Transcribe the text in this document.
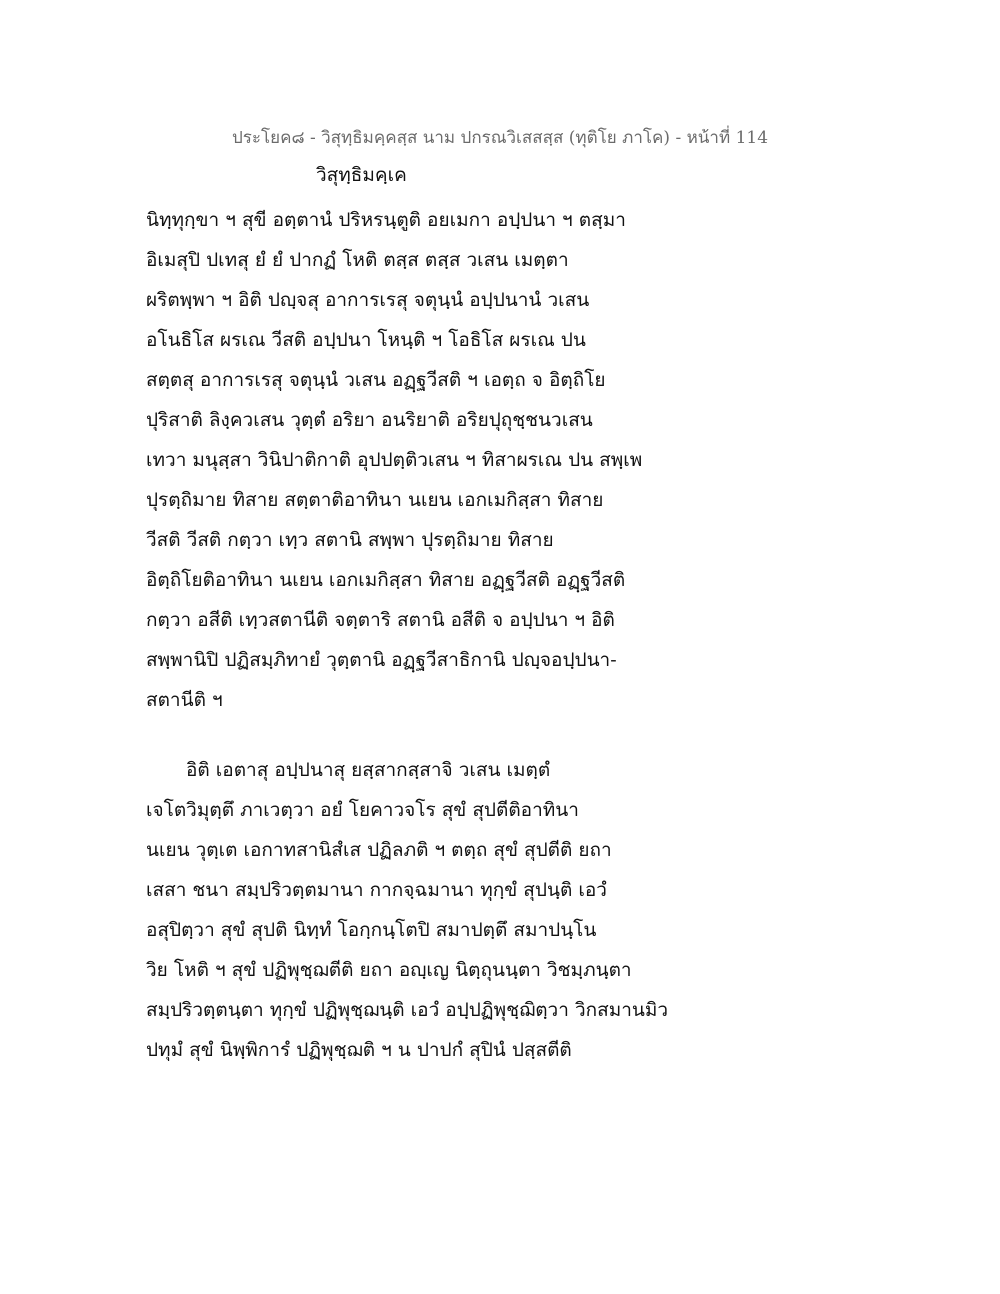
ประโยค๘ - วิสุทฺธิมคฺคสฺส นาม ปกรณวิเสสสฺส (ทุติโย ภาโค) - หน้าที่ 114
วิสุทฺธิมคฺเค
นิทฺทุกฺขา ฯ สุขี อตฺตานํ ปริหรนฺตูติ อยเมกา อปฺปนา ฯ ตสฺมา
อิเมสุปิ ปเทสุ ยํ ยํ ปากฏํ โหติ ตสฺส ตสฺส วเสน เมตฺตา
ผริตพฺพา ฯ อิติ ปญฺจสุ อาการเรสุ จตุนฺนํ อปฺปนานํ วเสน
อโนธิโส ผรเณ วีสติ อปฺปนา โหนฺติ ฯ โอธิโส ผรเณ ปน
สตฺตสุ อาการเรสุ จตุนฺนํ วเสน อฏฺฐวีสติ ฯ เอตฺถ จ อิตฺถิโย
ปุริสาติ ลิงฺควเสน วุตฺตํ อริยา อนริยาติ อริยปุถุชฺชนวเสน
เทวา มนุสฺสา วินิปาติกาติ อุปปตฺติวเสน ฯ ทิสาผรเณ ปน สพฺเพ
ปุรตฺถิมาย ทิสาย สตฺตาติอาทินา นเยน เอกเมกิสฺสา ทิสาย
วีสติ วีสติ กตฺวา เทฺว สตานิ สพฺพา ปุรตฺถิมาย ทิสาย
อิตฺถิโยติอาทินา นเยน เอกเมกิสฺสา ทิสาย อฏฺฐวีสติ อฏฺฐวีสติ
กตฺวา อสีติ เทฺวสตานีติ จตฺตาริ สตานิ อสีติ จ อปฺปนา ฯ อิติ
สพฺพานิปิ ปฏิสมฺภิทายํ วุตฺตานิ อฏฺฐวีสาธิกานิ ปญฺจอปฺปนา-
สตานีติ ฯ
อิติ เอตาสุ อปฺปนาสุ ยสฺสากสฺสาจิ วเสน เมตฺตํ
เจโตวิมุตฺตึ ภาเวตฺวา อยํ โยคาวจโร สุขํ สุปตีติอาทินา
นเยน วุตฺเต เอกาทสานิสํเส ปฏิลภติ ฯ ตตฺถ สุขํ สุปตีติ ยถา
เสสา ชนา สมฺปริวตฺตมานา กากจฺฉมานา ทุกฺขํ สุปนฺติ เอวํ
อสุปิตฺวา สุขํ สุปติ นิทฺทํ โอกฺกนฺโตปิ สมาปตฺตึ สมาปนฺโน
วิย โหติ ฯ สุขํ ปฏิพุชฺฌตีติ ยถา อญฺเญ นิตฺถุนนฺตา วิชมฺภนฺตา
สมฺปริวตฺตนฺตา ทุกฺขํ ปฏิพุชฺฌนฺติ เอวํ อปฺปฏิพุชฺฌิตฺวา วิกสมานมิว
ปทุมํ สุขํ นิพฺพิการํ ปฏิพุชฺฌติ ฯ น ปาปกํ สุปินํ ปสฺสตีติ
